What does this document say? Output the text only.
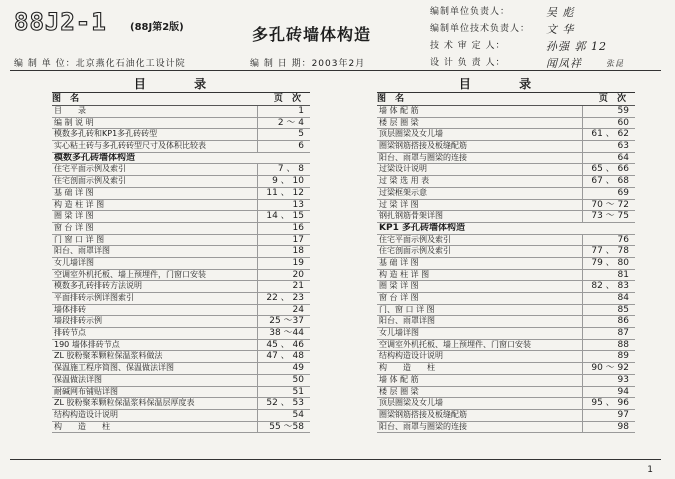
88J2-1 (88J第2版)	多孔砖墙体构造
编制单位负责人：	吴 彪
编制单位技术负责人：	文 华
技 术 审 定 人：	孙强 郭 12
设 计 负 责 人：	闻凤祥	张昆
编 制 单 位：北京燕化石油化工设计院	编 制 日 期：2003年2月
目 录
图 名	页 次
目　　录	1
编 制 说 明	2 ～ 4
模数多孔砖和KP1多孔砖砖型	5
实心粘土砖与多孔砖砖型尺寸及体积比较表	6
模数多孔砖墙体构造
住宅平面示例及索引	7 、 8
住宅剖面示例及索引	9 、 10
基 础 详 图	11 、 12
构 造 柱 详 图	13
圈 梁 详 图	14 、 15
窗 台 详 图	16
门 窗 口 详 图	17
阳台、雨罩详图	18
女儿墙详图	19
空调室外机托板、墙上预埋件，门窗口安装	20
模数多孔砖排砖方法说明	21
平面排砖示例详图索引	22 、 23
墙体排砖	24
墙段排砖示例	25 ～37
排砖节点	38 ～44
190 墙体排砖节点	45 、 46
ZL 胶粉聚苯颗粒保温浆料做法	47 、 48
保温施工程序简图、保温做法详图	49
保温做法详图	50
耐碱网布铺贴详图	51
ZL 胶粉聚苯颗粒保温浆料保温层厚度表	52 、 53
结构构造设计说明	54
构　　造　　柱	55 ～58
目 录
图 名	页 次
墙 体 配 筋	59
楼 层 圈 梁	60
顶层圈梁及女儿墙	61 、 62
圈梁钢筋搭接及板缝配筋	63
阳台、雨罩与圈梁的连接	64
过梁设计说明	65 、 66
过 梁 选 用 表	67 、 68
过梁框架示意	69
过 梁 详 图	70 ～ 72
钢扎钢筋骨架详图	73 ～ 75
KP1 多孔砖墙体构造
住宅平面示例及索引	76
住宅剖面示例及索引	77 、 78
基 础 详 图	79 、 80
构 造 柱 详 图	81
圈 梁 详 图	82 、 83
窗 台 详 图	84
门、窗 口 详 图	85
阳台、雨罩详图	86
女儿墙详图	87
空调室外机托板、墙上预埋件、门窗口安装	88
结构构造设计说明	89
构　　造　　柱	90 ～ 92
墙 体 配 筋	93
楼 层 圈 梁	94
顶层圈梁及女儿墙	95 、 96
圈梁钢筋搭接及板缝配筋	97
阳台、雨罩与圈梁的连接	98
1
